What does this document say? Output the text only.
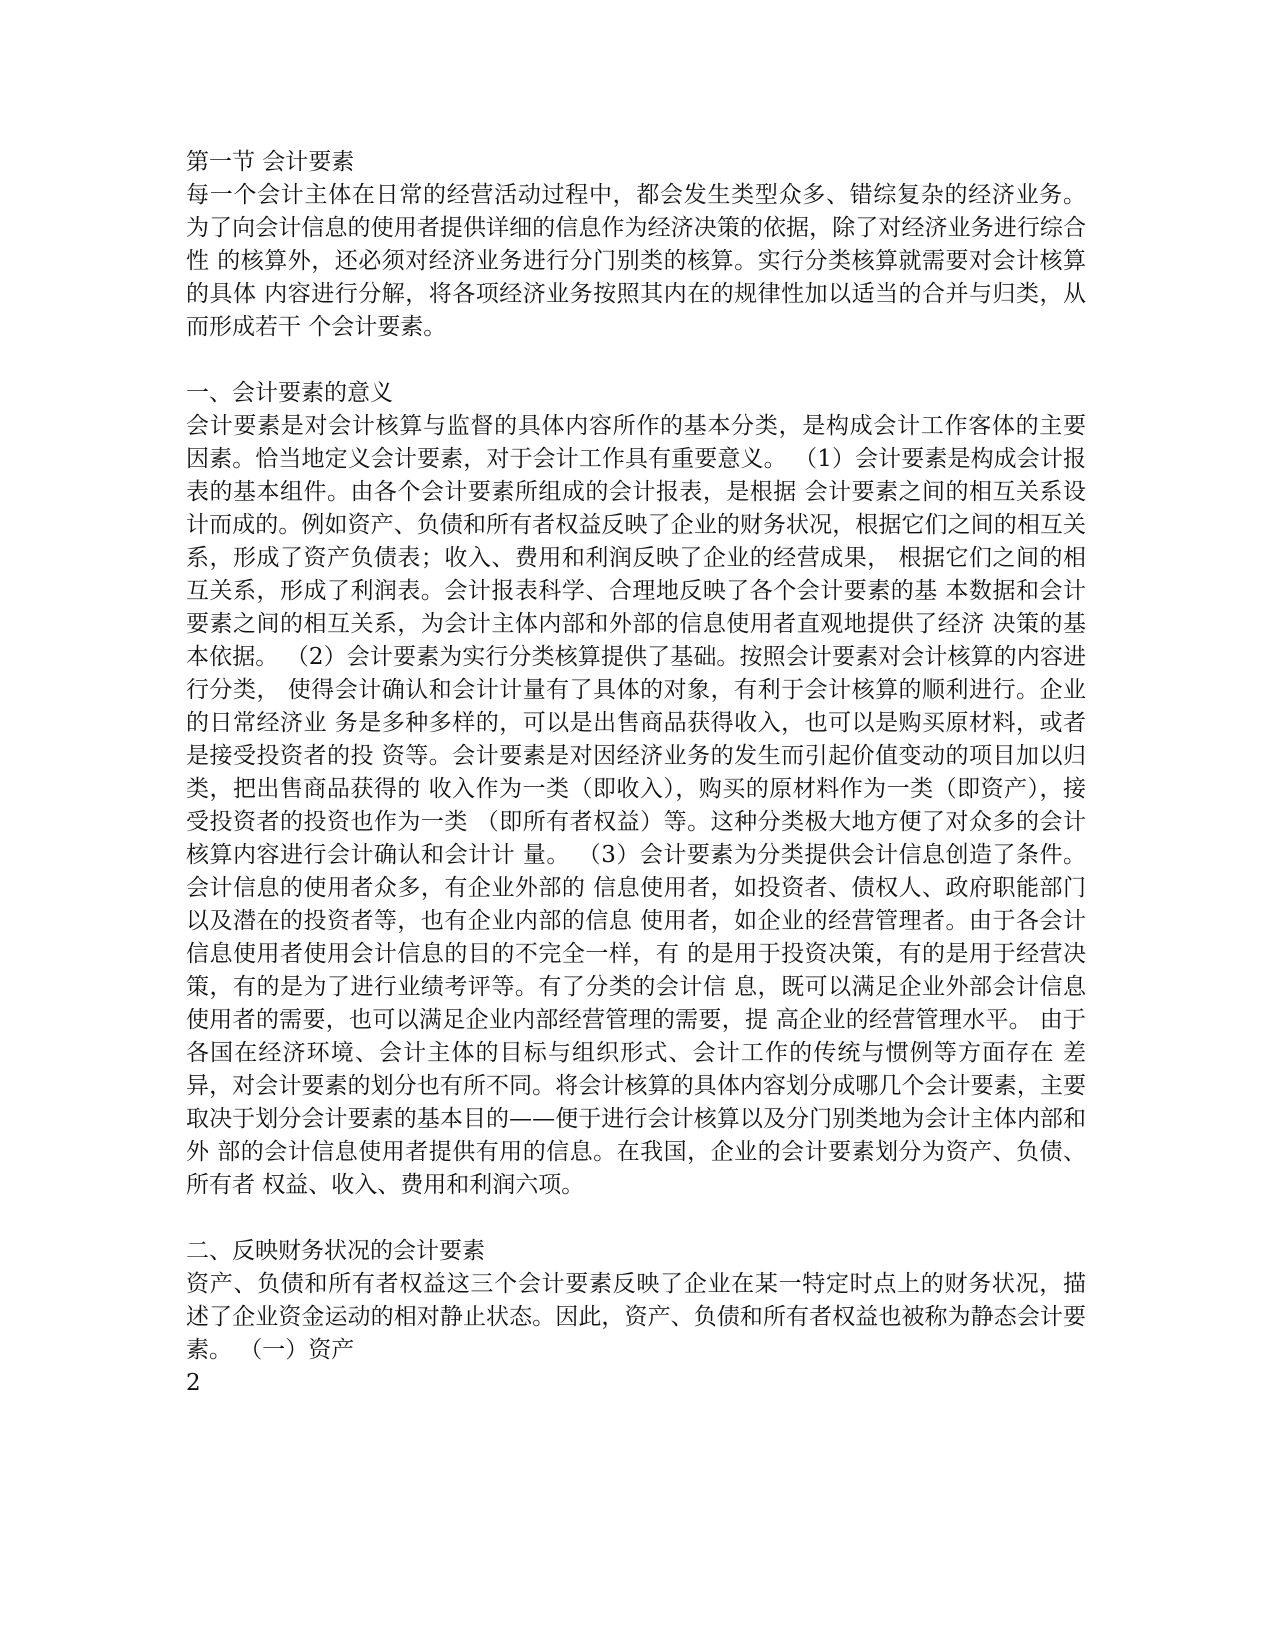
第一节 会计要素

每一个会计主体在日常的经营活动过程中，都会发生类型众多、错综复杂的经济业务。 为了向会计信息的使用者提供详细的信息作为经济决策的依据，除了对经济业务进行综合性 的核算外，还必须对经济业务进行分门别类的核算。实行分类核算就需要对会计核算的具体 内容进行分解，将各项经济业务按照其内在的规律性加以适当的合并与归类，从而形成若干 个会计要素。

一、会计要素的意义

会计要素是对会计核算与监督的具体内容所作的基本分类，是构成会计工作客体的主要 因素。恰当地定义会计要素，对于会计工作具有重要意义。 （1）会计要素是构成会计报表的基本组件。由各个会计要素所组成的会计报表，是根据 会计要素之间的相互关系设计而成的。例如资产、负债和所有者权益反映了企业的财务状况，根据它们之间的相互关系，形成了资产负债表；收入、费用和利润反映了企业的经营成果， 根据它们之间的相互关系，形成了利润表。会计报表科学、合理地反映了各个会计要素的基 本数据和会计要素之间的相互关系，为会计主体内部和外部的信息使用者直观地提供了经济 决策的基本依据。 （2）会计要素为实行分类核算提供了基础。按照会计要素对会计核算的内容进行分类， 使得会计确认和会计计量有了具体的对象，有利于会计核算的顺利进行。企业的日常经济业 务是多种多样的，可以是出售商品获得收入，也可以是购买原材料，或者是接受投资者的投 资等。会计要素是对因经济业务的发生而引起价值变动的项目加以归类，把出售商品获得的 收入作为一类（即收入），购买的原材料作为一类（即资产），接受投资者的投资也作为一类 （即所有者权益）等。这种分类极大地方便了对众多的会计核算内容进行会计确认和会计计 量。 （3）会计要素为分类提供会计信息创造了条件。会计信息的使用者众多，有企业外部的 信息使用者，如投资者、债权人、政府职能部门以及潜在的投资者等，也有企业内部的信息 使用者，如企业的经营管理者。由于各会计信息使用者使用会计信息的目的不完全一样，有 的是用于投资决策，有的是用于经营决策，有的是为了进行业绩考评等。有了分类的会计信 息，既可以满足企业外部会计信息使用者的需要，也可以满足企业内部经营管理的需要，提 高企业的经营管理水平。 由于各国在经济环境、会计主体的目标与组织形式、会计工作的传统与惯例等方面存在 差异，对会计要素的划分也有所不同。将会计核算的具体内容划分成哪几个会计要素，主要 取决于划分会计要素的基本目的——便于进行会计核算以及分门别类地为会计主体内部和外 部的会计信息使用者提供有用的信息。在我国，企业的会计要素划分为资产、负债、所有者 权益、收入、费用和利润六项。

二、反映财务状况的会计要素

资产、负债和所有者权益这三个会计要素反映了企业在某一特定时点上的财务状况，描 述了企业资金运动的相对静止状态。因此，资产、负债和所有者权益也被称为静态会计要素。 （一）资产

2
